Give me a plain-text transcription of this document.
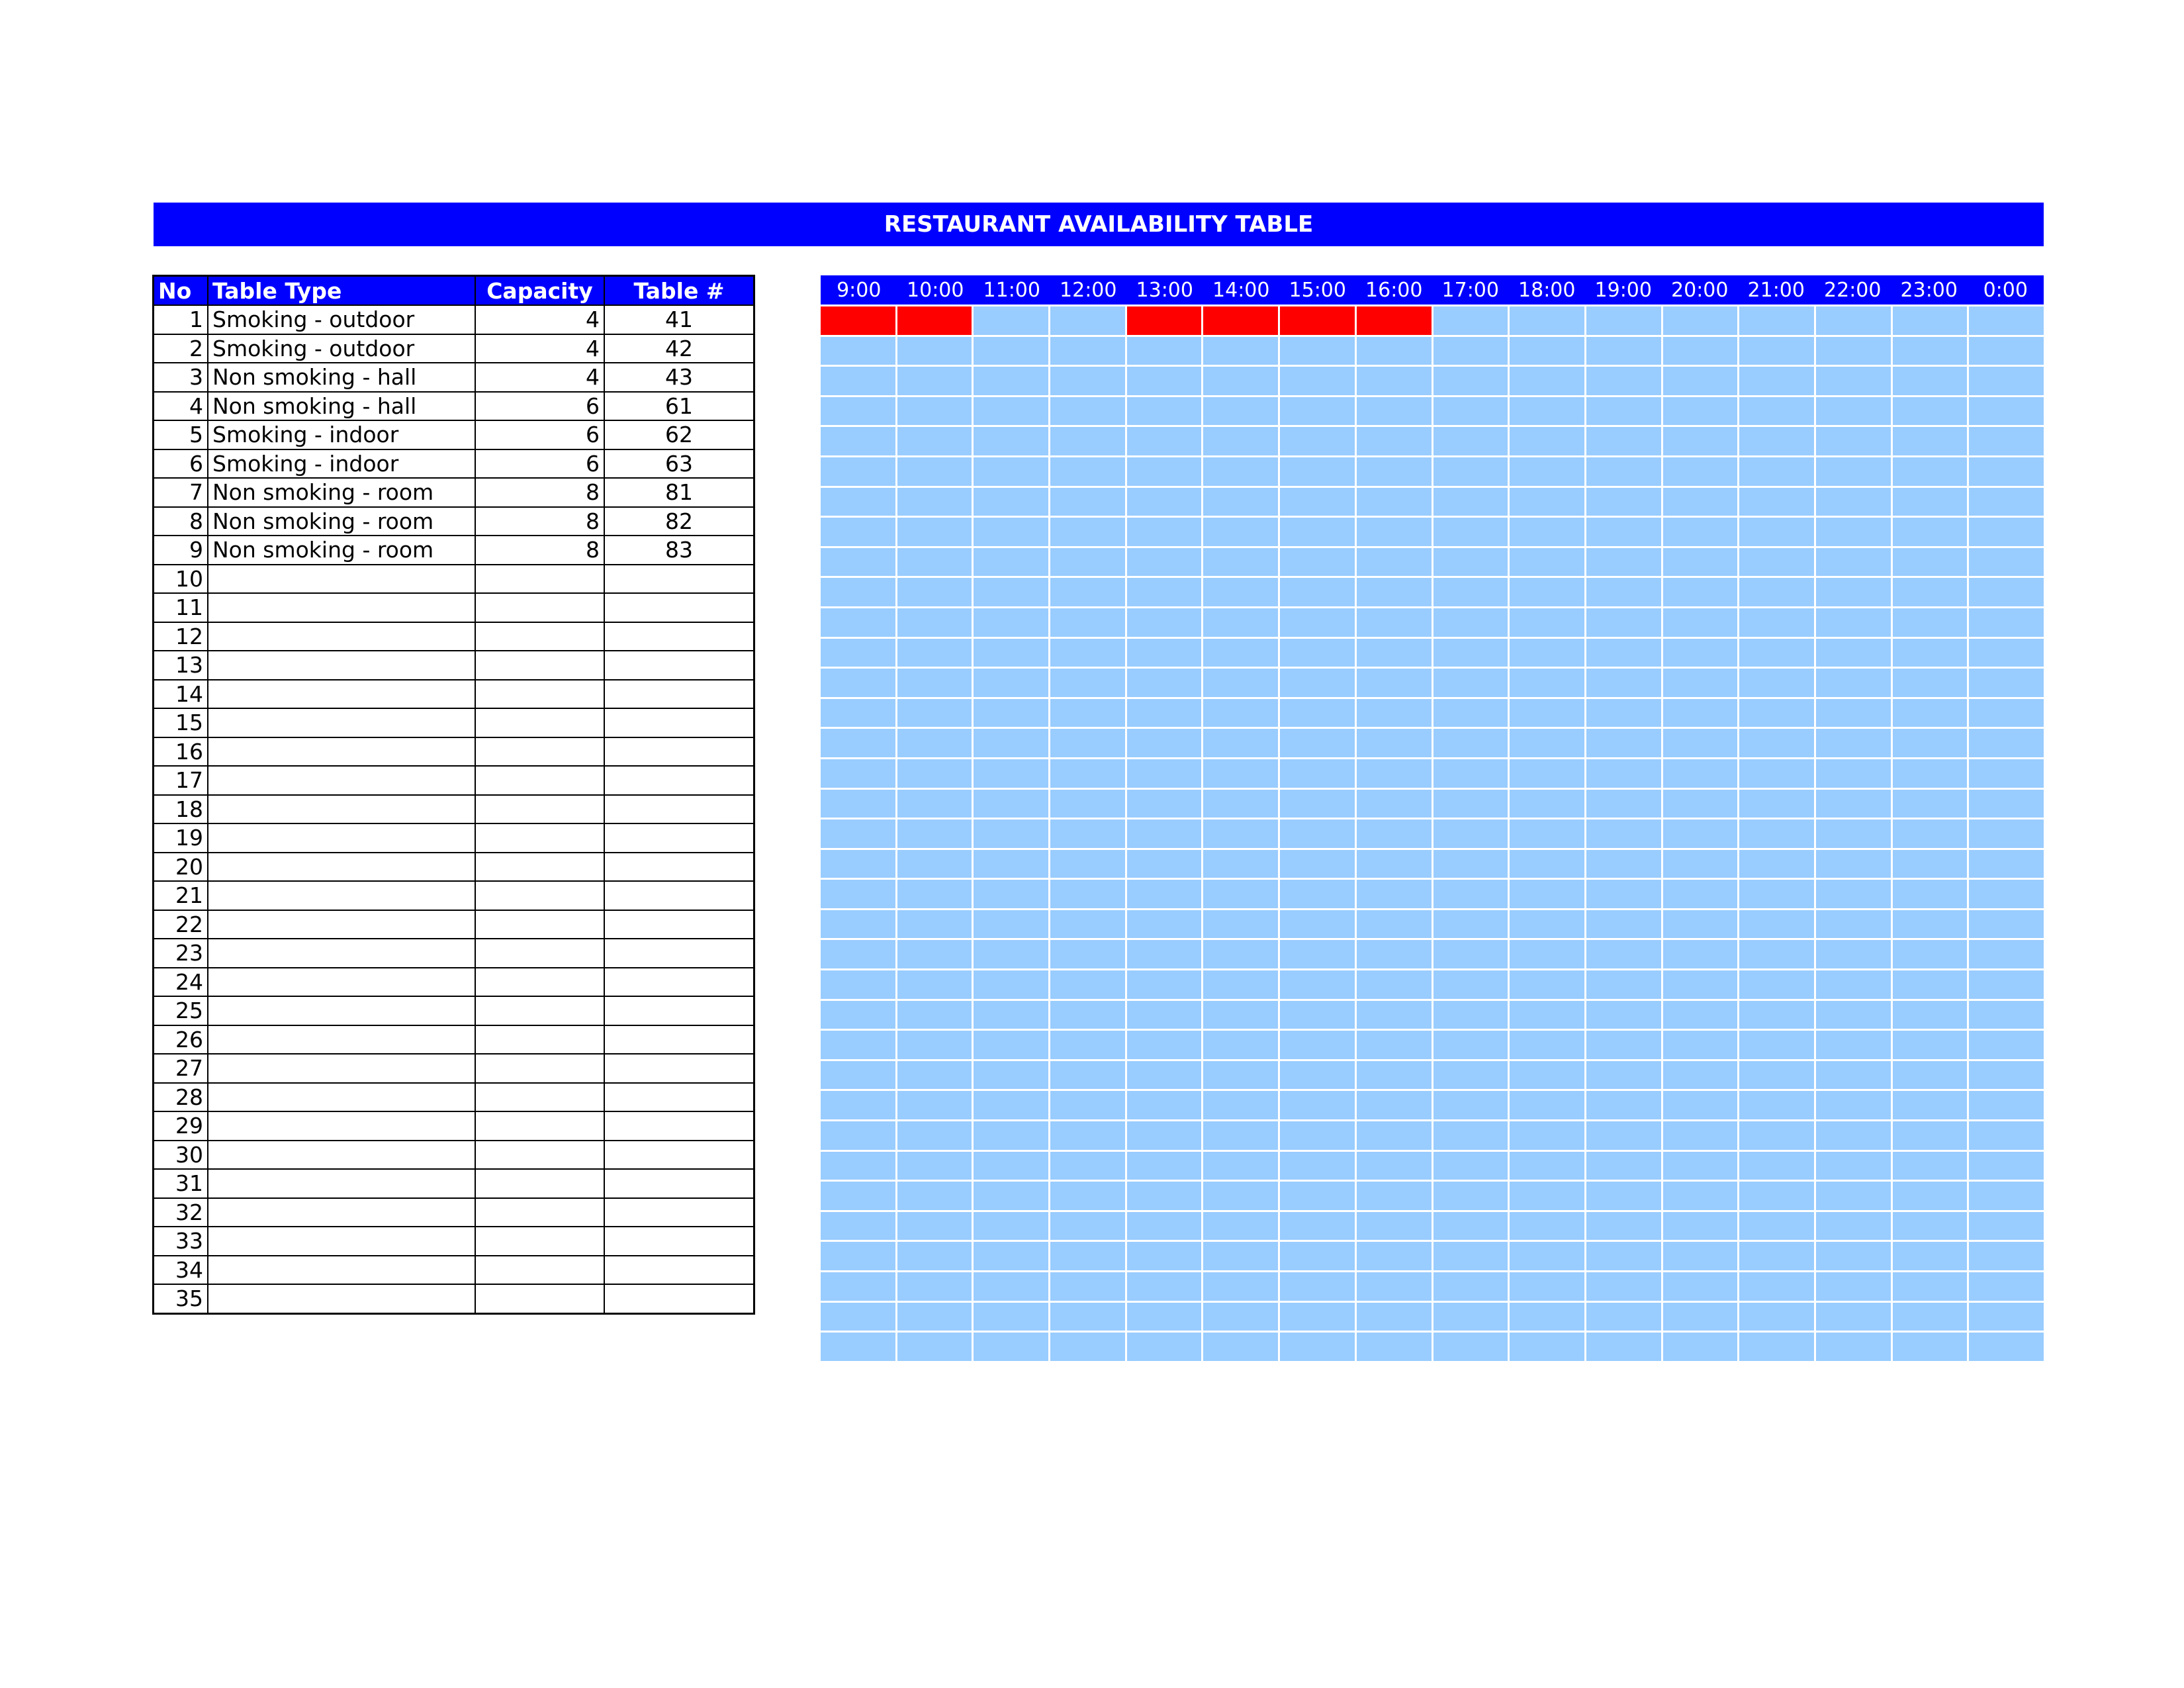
RESTAURANT AVAILABILITY TABLE
No	Table Type	Capacity	Table #
1	Smoking - outdoor	4	41
2	Smoking - outdoor	4	42
3	Non smoking - hall	4	43
4	Non smoking - hall	6	61
5	Smoking - indoor	6	62
6	Smoking - indoor	6	63
7	Non smoking - room	8	81
8	Non smoking - room	8	82
9	Non smoking - room	8	83
10			
11			
12			
13			
14			
15			
16			
17			
18			
19			
20			
21			
22			
23			
24			
25			
26			
27			
28			
29			
30			
31			
32			
33			
34			
35			
9:00	10:00 11:00 12:00 13:00 14:00 15:00 16:00 17:00 18:00 19:00 20:00 21:00 22:00 23:00	0:00
